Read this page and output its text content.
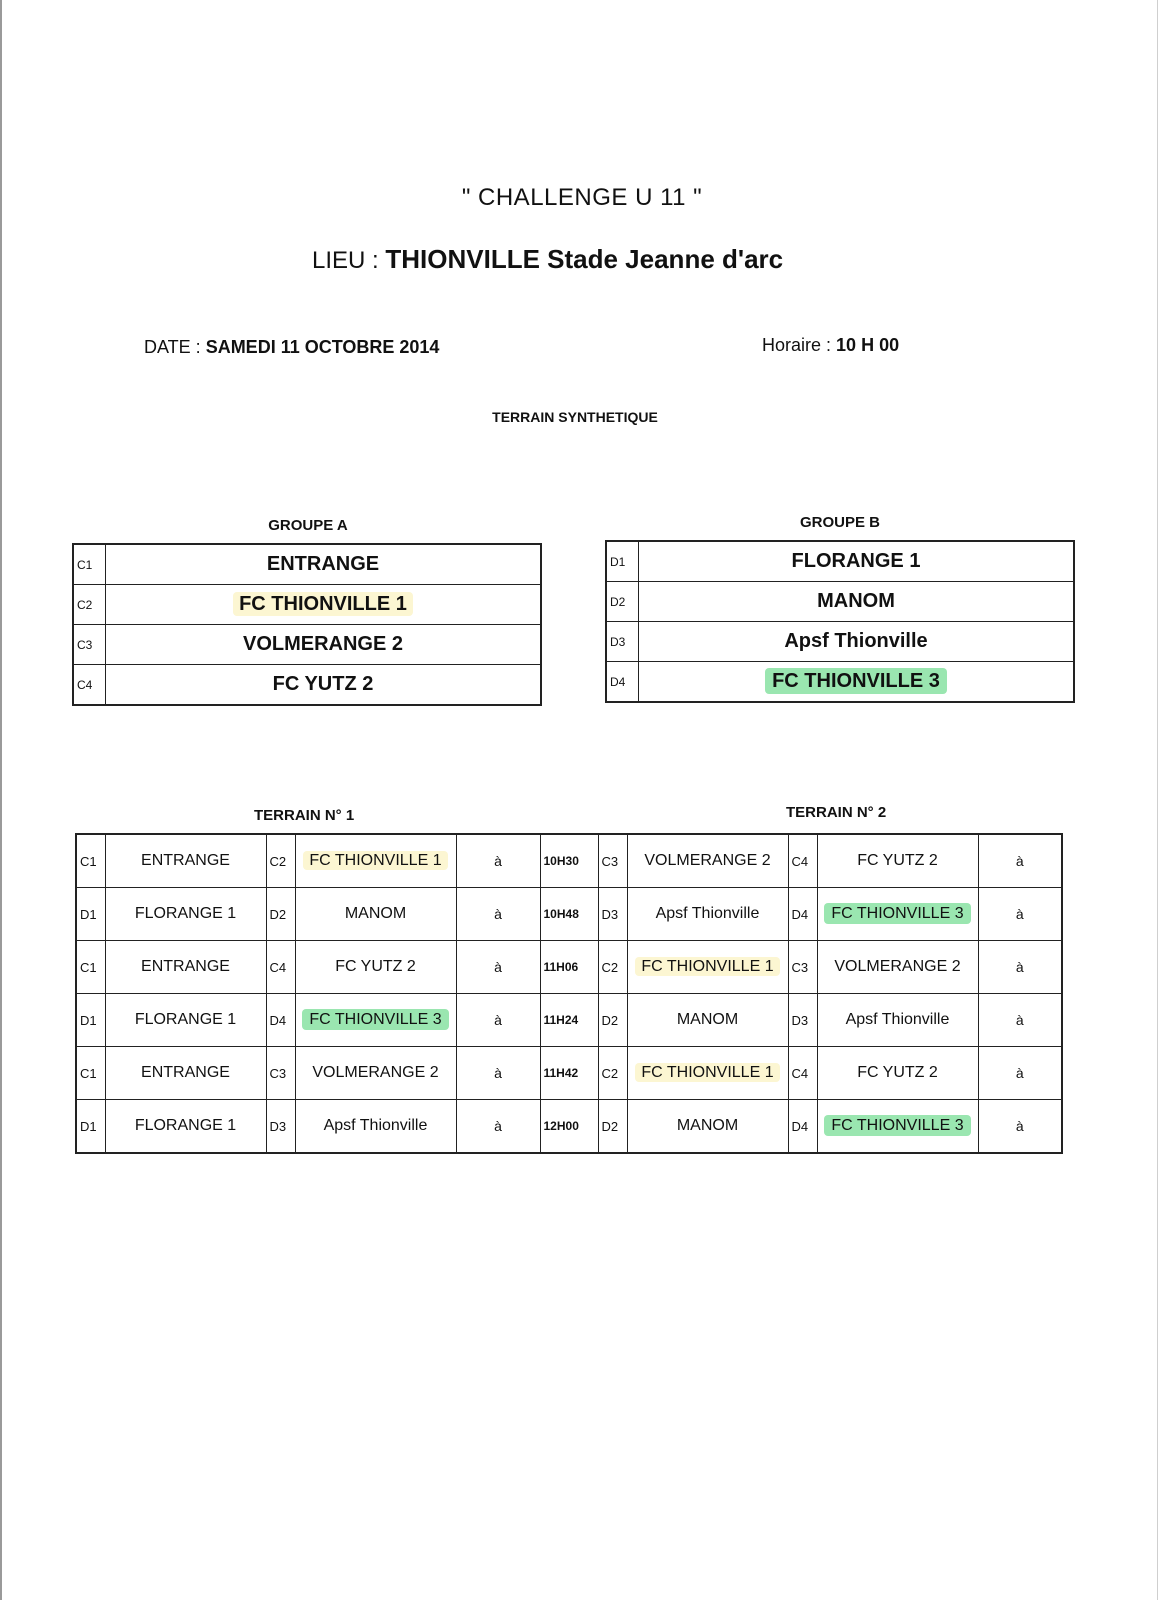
" CHALLENGE U 11 "
LIEU : THIONVILLE Stade Jeanne d'arc
DATE : SAMEDI 11 OCTOBRE 2014	Horaire : 10 H 00
TERRAIN SYNTHETIQUE
GROUPE A	GROUPE B
C1	ENTRANGE
C2	FC THIONVILLE 1
C3	VOLMERANGE 2
C4	FC YUTZ 2
D1	FLORANGE 1
D2	MANOM
D3	Apsf Thionville
D4	FC THIONVILLE 3
TERRAIN N° 1	TERRAIN N° 2
C1	ENTRANGE	C2	FC THIONVILLE 1	à	10H30	C3	VOLMERANGE 2	C4	FC YUTZ 2	à
D1	FLORANGE 1	D2	MANOM	à	10H48	D3	Apsf Thionville	D4	FC THIONVILLE 3	à
C1	ENTRANGE	C4	FC YUTZ 2	à	11H06	C2	FC THIONVILLE 1	C3	VOLMERANGE 2	à
D1	FLORANGE 1	D4	FC THIONVILLE 3	à	11H24	D2	MANOM	D3	Apsf Thionville	à
C1	ENTRANGE	C3	VOLMERANGE 2	à	11H42	C2	FC THIONVILLE 1	C4	FC YUTZ 2	à
D1	FLORANGE 1	D3	Apsf Thionville	à	12H00	D2	MANOM	D4	FC THIONVILLE 3	à
